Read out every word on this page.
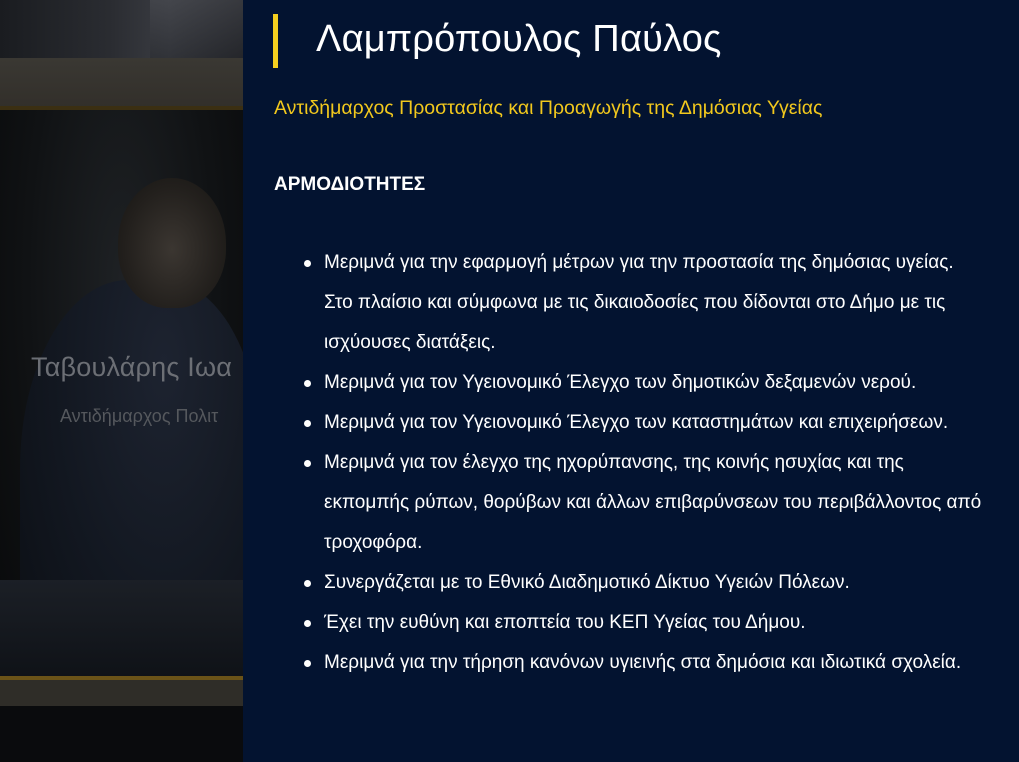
Ταβουλάρης Ιωα
Αντιδήμαρχος Πολιτ
Λαμπρόπουλος Παύλος

Αντιδήμαρχος Προστασίας και Προαγωγής της Δημόσιας Υγείας

ΑΡΜΟΔΙΟΤΗΤΕΣ
Μεριμνά για την εφαρμογή μέτρων για την προστασία της δημόσιας υγείας. Στο πλαίσιο και σύμφωνα με τις δικαιοδοσίες που δίδονται στο Δήμο με τις ισχύουσες διατάξεις.
Μεριμνά για τον Υγειονομικό Έλεγχο των δημοτικών δεξαμενών νερού.
Μεριμνά για τον Υγειονομικό Έλεγχο των καταστημάτων και επιχειρήσεων.
Μεριμνά για τον έλεγχο της ηχορύπανσης, της κοινής ησυχίας και της εκπομπής ρύπων, θορύβων και άλλων επιβαρύνσεων του περιβάλλοντος από τροχοφόρα.
Συνεργάζεται με το Εθνικό Διαδημοτικό Δίκτυο Υγειών Πόλεων.
Έχει την ευθύνη και εποπτεία του ΚΕΠ Υγείας του Δήμου.
Μεριμνά για την τήρηση κανόνων υγιεινής στα δημόσια και ιδιωτικά σχολεία.
